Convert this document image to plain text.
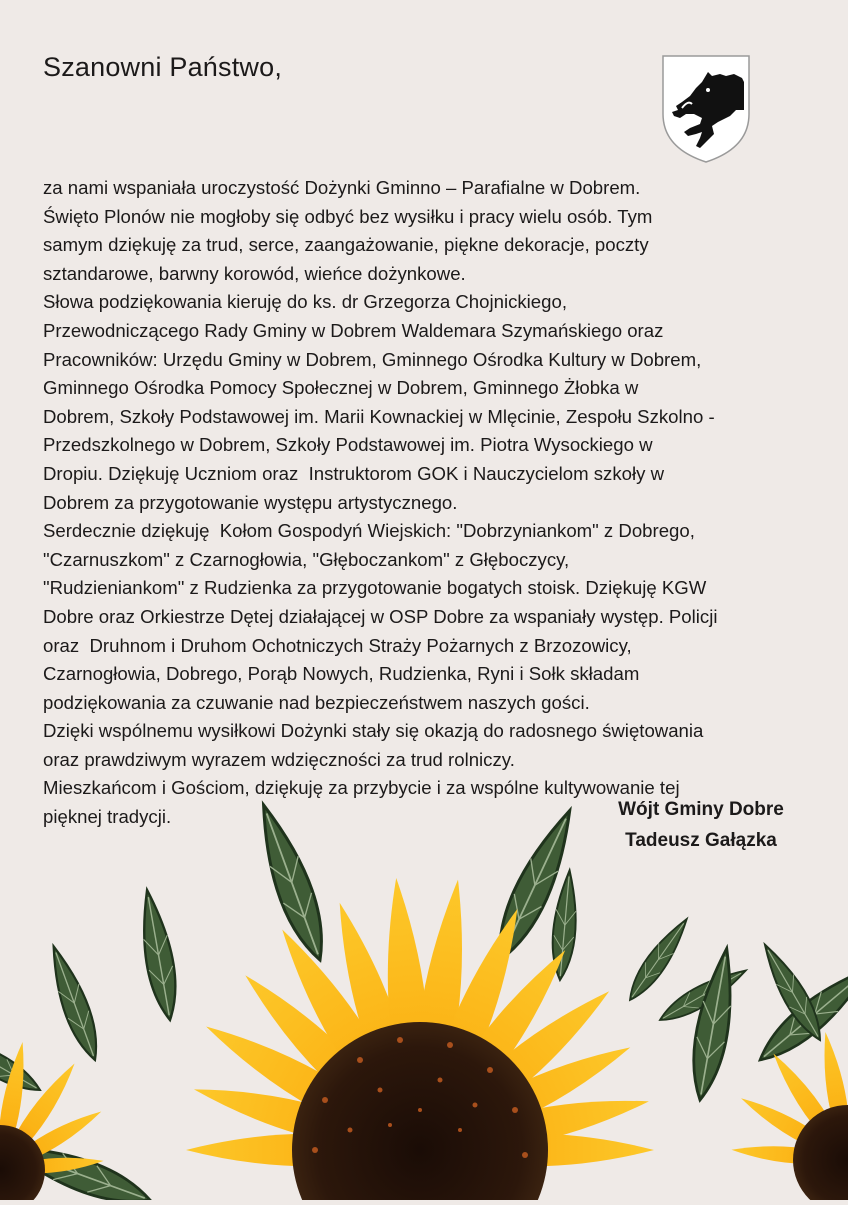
Szanowni Państwo,
za nami wspaniała uroczystość Dożynki Gminno – Parafialne w Dobrem.
Święto Plonów nie mogłoby się odbyć bez wysiłku i pracy wielu osób. Tym
samym dziękuję za trud, serce, zaangażowanie, piękne dekoracje, poczty
sztandarowe, barwny korowód, wieńce dożynkowe.
Słowa podziękowania kieruję do ks. dr Grzegorza Chojnickiego,
Przewodniczącego Rady Gminy w Dobrem Waldemara Szymańskiego oraz
Pracowników: Urzędu Gminy w Dobrem, Gminnego Ośrodka Kultury w Dobrem,
Gminnego Ośrodka Pomocy Społecznej w Dobrem, Gminnego Żłobka w
Dobrem, Szkoły Podstawowej im. Marii Kownackiej w Mlęcinie, Zespołu Szkolno -
Przedszkolnego w Dobrem, Szkoły Podstawowej im. Piotra Wysockiego w
Dropiu. Dziękuję Uczniom oraz  Instruktorom GOK i Nauczycielom szkoły w
Dobrem za przygotowanie występu artystycznego.
Serdecznie dziękuję  Kołom Gospodyń Wiejskich: "Dobrzyniankom" z Dobrego,
"Czarnuszkom" z Czarnogłowia, "Głęboczankom" z Głęboczycy,
"Rudzieniankom" z Rudzienka za przygotowanie bogatych stoisk. Dziękuję KGW
Dobre oraz Orkiestrze Dętej działającej w OSP Dobre za wspaniały występ. Policji
oraz  Druhnom i Druhom Ochotniczych Straży Pożarnych z Brzozowicy,
Czarnogłowia, Dobrego, Porąb Nowych, Rudzienka, Ryni i Sołk składam
podziękowania za czuwanie nad bezpieczeństwem naszych gości.
Dzięki wspólnemu wysiłkowi Dożynki stały się okazją do radosnego świętowania
oraz prawdziwym wyrazem wdzięczności za trud rolniczy.
Mieszkańcom i Gościom, dziękuję za przybycie i za wspólne kultywowanie tej
pięknej tradycji.	Wójt Gminy Dobre
Tadeusz Gałązka
